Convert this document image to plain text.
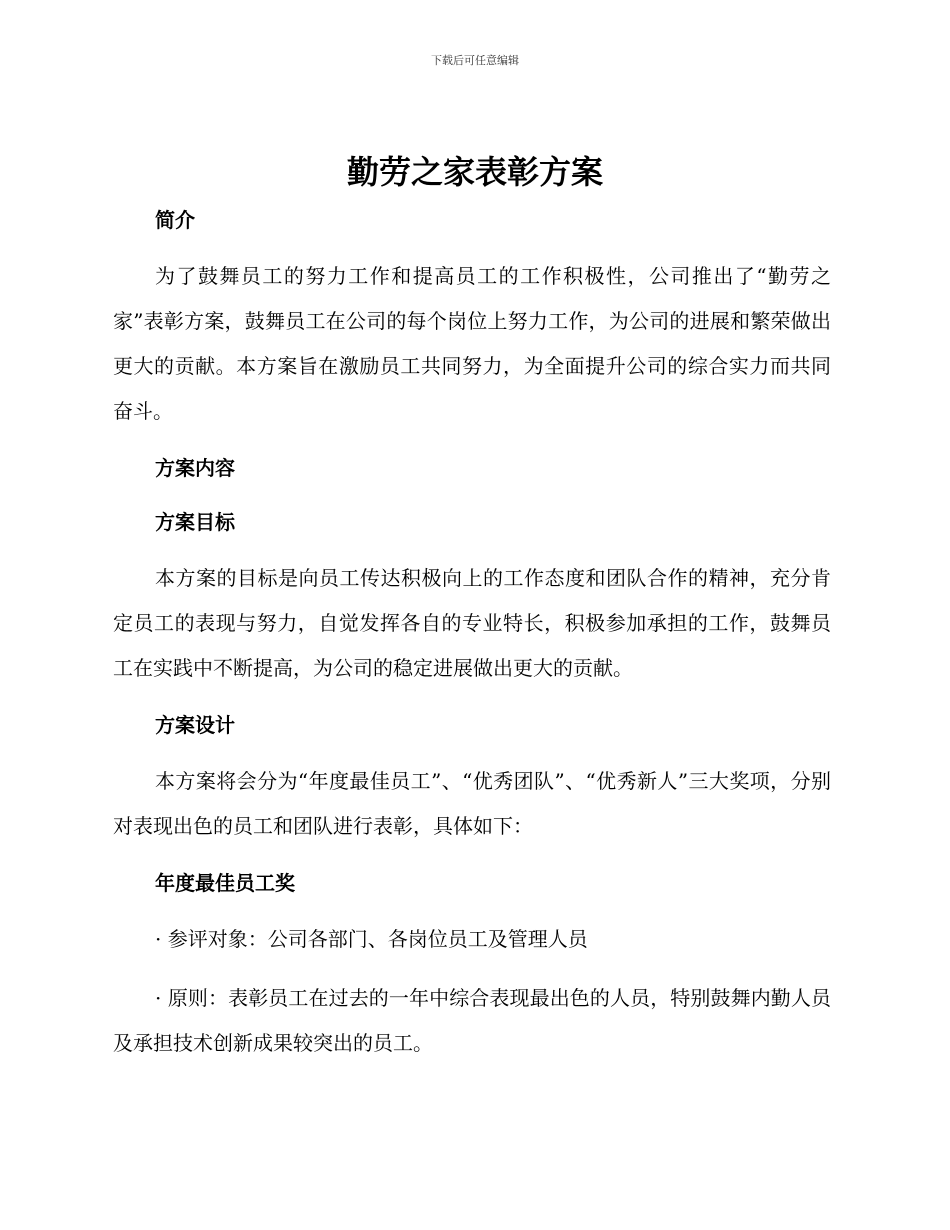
下载后可任意编辑
勤劳之家表彰方案
简介

为了鼓舞员工的努力工作和提高员工的工作积极性，公司推出了“勤劳之家”表彰方案，鼓舞员工在公司的每个岗位上努力工作，为公司的进展和繁荣做出更大的贡献。本方案旨在激励员工共同努力，为全面提升公司的综合实力而共同奋斗。

方案内容
方案目标

本方案的目标是向员工传达积极向上的工作态度和团队合作的精神，充分肯定员工的表现与努力，自觉发挥各自的专业特长，积极参加承担的工作，鼓舞员工在实践中不断提高，为公司的稳定进展做出更大的贡献。

方案设计

本方案将会分为“年度最佳员工”、“优秀团队”、“优秀新人”三大奖项，分别对表现出色的员工和团队进行表彰，具体如下：

年度最佳员工奖

· 参评对象：公司各部门、各岗位员工及管理人员

· 原则：表彰员工在过去的一年中综合表现最出色的人员，特别鼓舞内勤人员及承担技术创新成果较突出的员工。
